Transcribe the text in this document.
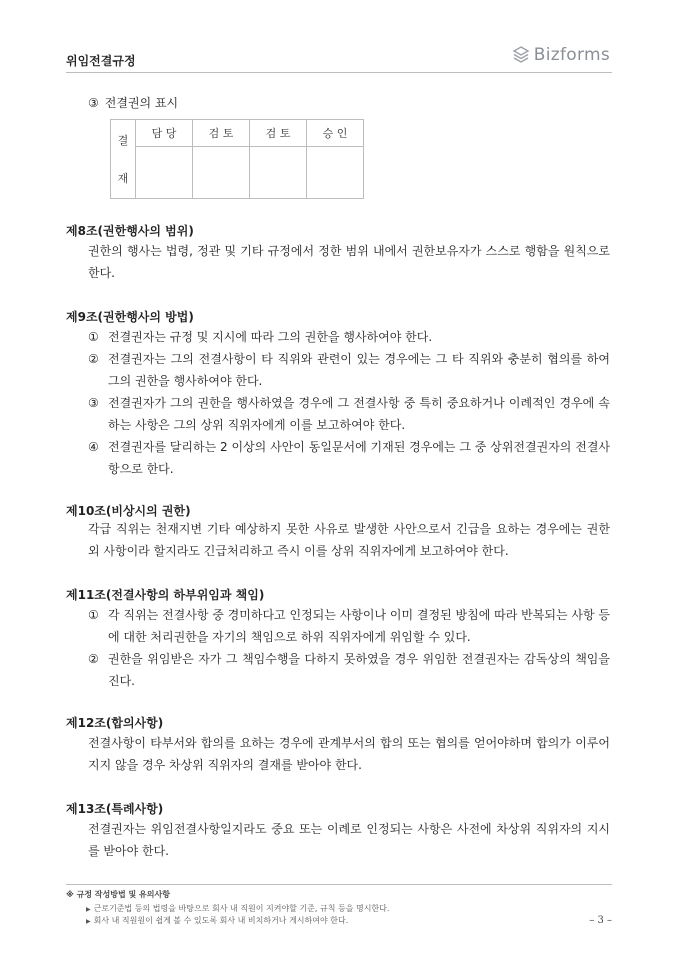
위임전결규정	Bizforms
③ 전결권의 표시
결
재	담 당	검 토	검 토	승 인

제8조(권한행사의 범위)
권한의 행사는 법령, 정관 및 기타 규정에서 정한 범위 내에서 권한보유자가 스스로 행함을 원칙으로 한다.
제9조(권한행사의 방법)
① 전결권자는 규정 및 지시에 따라 그의 권한을 행사하여야 한다.
② 전결권자는 그의 전결사항이 타 직위와 관련이 있는 경우에는 그 타 직위와 충분히 협의를 하여 그의 권한을 행사하여야 한다.
③ 전결권자가 그의 권한을 행사하였을 경우에 그 전결사항 중 특히 중요하거나 이례적인 경우에 속하는 사항은 그의 상위 직위자에게 이를 보고하여야 한다.
④ 전결권자를 달리하는 2 이상의 사안이 동일문서에 기재된 경우에는 그 중 상위전결권자의 전결사항으로 한다.
제10조(비상시의 권한)
각급 직위는 천재지변 기타 예상하지 못한 사유로 발생한 사안으로서 긴급을 요하는 경우에는 권한 외 사항이라 할지라도 긴급처리하고 즉시 이를 상위 직위자에게 보고하여야 한다.
제11조(전결사항의 하부위임과 책임)
① 각 직위는 전결사항 중 경미하다고 인정되는 사항이나 이미 결정된 방침에 따라 반복되는 사항 등에 대한 처리권한을 자기의 책임으로 하위 직위자에게 위임할 수 있다.
② 권한을 위임받은 자가 그 책임수행을 다하지 못하였을 경우 위임한 전결권자는 감독상의 책임을 진다.
제12조(합의사항)
전결사항이 타부서와 합의를 요하는 경우에 관계부서의 합의 또는 협의를 얻어야하며 합의가 이루어지지 않을 경우 차상위 직위자의 결재를 받아야 한다.
제13조(특례사항)
전결권자는 위임전결사항일지라도 중요 또는 이례로 인정되는 사항은 사전에 차상위 직위자의 지시를 받아야 한다.
※ 규정 작성방법 및 유의사항
▶ 근로기준법 등의 법령을 바탕으로 회사 내 직원이 지켜야할 기준, 규칙 등을 명시한다.
▶ 회사 내 직원원이 쉽게 볼 수 있도록 회사 내 비치하거나 게시하여야 한다.	– 3 –
